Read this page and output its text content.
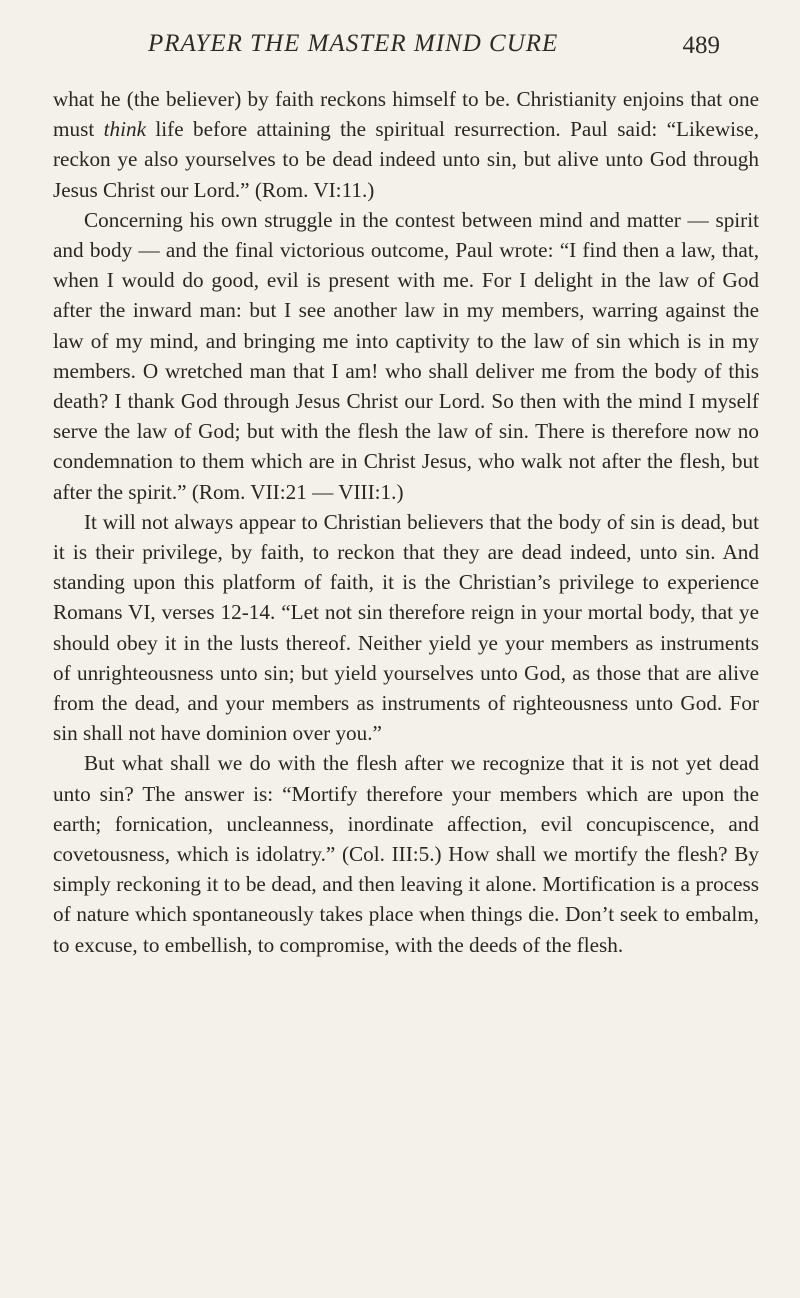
PRAYER THE MASTER MIND CURE	489

what he (the believer) by faith reckons himself to be. Christianity enjoins that one must think life before attaining the spiritual resurrection. Paul said: “Likewise, reckon ye also yourselves to be dead indeed unto sin, but alive unto God through Jesus Christ our Lord.” (Rom. VI:11.)

Concerning his own struggle in the contest between mind and matter — spirit and body — and the final victorious outcome, Paul wrote: “I find then a law, that, when I would do good, evil is present with me. For I delight in the law of God after the inward man: but I see another law in my members, warring against the law of my mind, and bringing me into captivity to the law of sin which is in my members. O wretched man that I am! who shall deliver me from the body of this death? I thank God through Jesus Christ our Lord. So then with the mind I myself serve the law of God; but with the flesh the law of sin. There is therefore now no condemnation to them which are in Christ Jesus, who walk not after the flesh, but after the spirit.” (Rom. VII:21 — VIII:1.)

It will not always appear to Christian believers that the body of sin is dead, but it is their privilege, by faith, to reckon that they are dead indeed, unto sin. And standing upon this platform of faith, it is the Christian’s privilege to experience Romans VI, verses 12-14. “Let not sin therefore reign in your mortal body, that ye should obey it in the lusts thereof. Neither yield ye your members as instruments of unrighteousness unto sin; but yield yourselves unto God, as those that are alive from the dead, and your members as instruments of righteousness unto God. For sin shall not have dominion over you.”

But what shall we do with the flesh after we recognize that it is not yet dead unto sin? The answer is: “Mortify therefore your members which are upon the earth; fornication, uncleanness, inordinate affection, evil concupiscence, and covetousness, which is idolatry.” (Col. III:5.) How shall we mortify the flesh? By simply reckoning it to be dead, and then leaving it alone. Mortification is a process of nature which spontaneously takes place when things die. Don’t seek to embalm, to excuse, to embellish, to compromise, with the deeds of the flesh.
